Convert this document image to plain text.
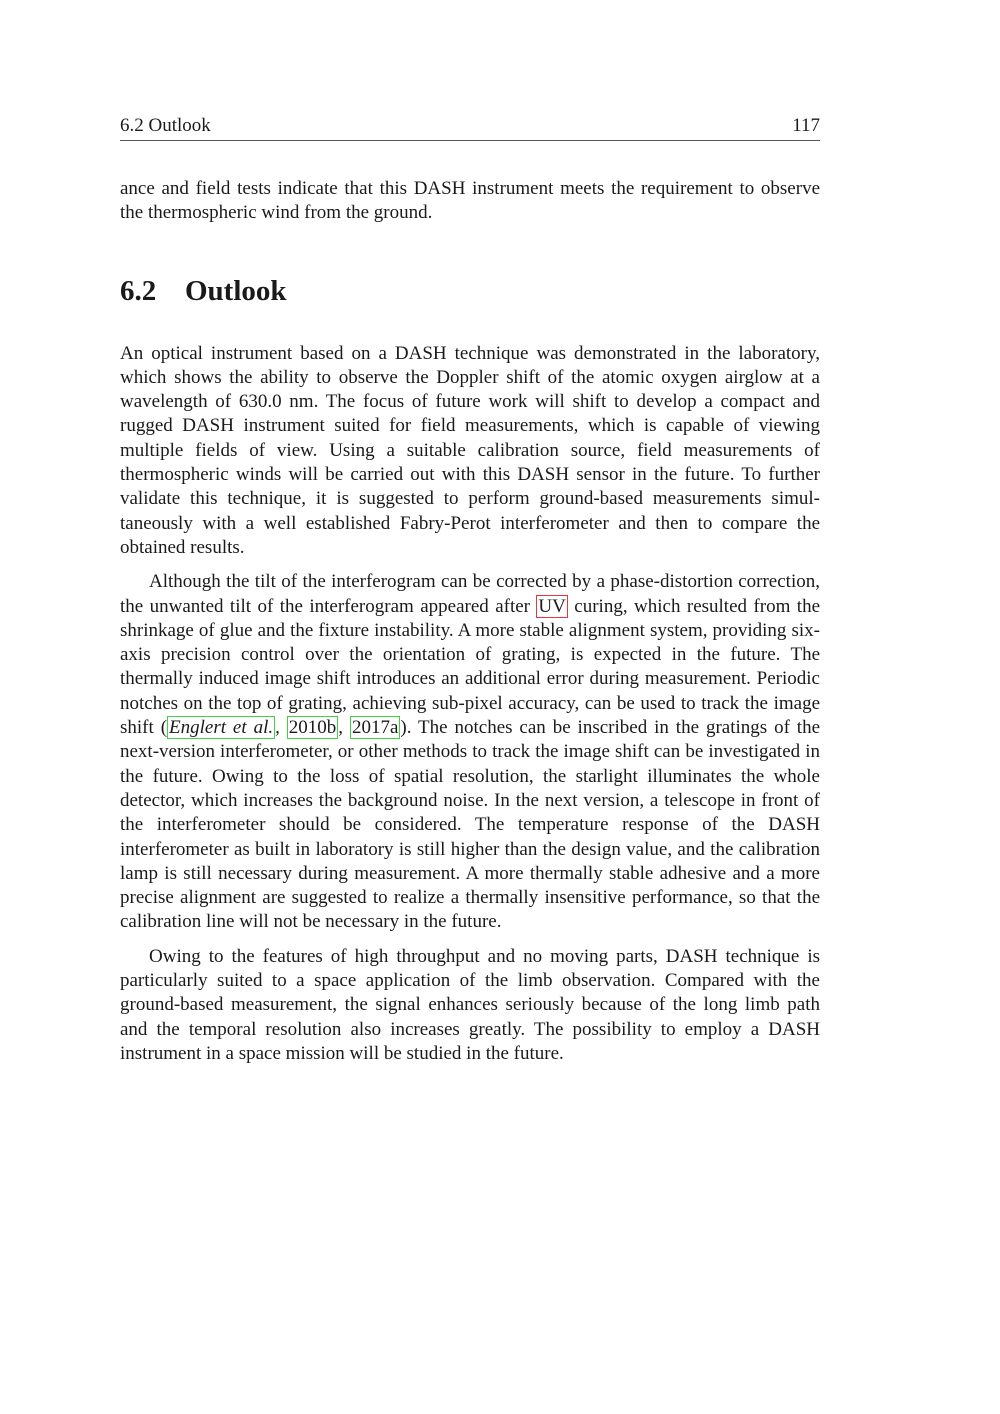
6.2 Outlook	117

ance and field tests indicate that this DASH instrument meets the requirement to observe the thermospheric wind from the ground.

6.2 Outlook

An optical instrument based on a DASH technique was demonstrated in the laboratory, which shows the ability to observe the Doppler shift of the atomic oxygen airglow at a wavelength of 630.0 nm. The focus of future work will shift to develop a compact and rugged DASH instrument suited for field measurements, which is capable of viewing multiple fields of view. Using a suitable calibration source, field measurements of thermospheric winds will be carried out with this DASH sensor in the future. To further validate this technique, it is suggested to perform ground-based measurements simultaneously with a well established Fabry-Perot interferometer and then to compare the obtained results.

Although the tilt of the interferogram can be corrected by a phase-distortion correction, the unwanted tilt of the interferogram appeared after UV curing, which resulted from the shrinkage of glue and the fixture instability. A more stable alignment system, providing six-axis precision control over the orientation of grating, is expected in the future. The thermally induced image shift introduces an additional error during measurement. Periodic notches on the top of grating, achieving sub-pixel accuracy, can be used to track the image shift ( Englert et al. , 2010b , 2017a ). The notches can be inscribed in the gratings of the next-version interferometer, or other methods to track the image shift can be investigated in the future. Owing to the loss of spatial resolution, the starlight illuminates the whole detector, which increases the background noise. In the next version, a telescope in front of the interferometer should be considered. The temperature response of the DASH interferometer as built in laboratory is still higher than the design value, and the calibration lamp is still necessary during measurement. A more thermally stable adhesive and a more precise alignment are suggested to realize a thermally insensitive performance, so that the calibration line will not be necessary in the future.

Owing to the features of high throughput and no moving parts, DASH technique is particularly suited to a space application of the limb observation. Compared with the ground-based measurement, the signal enhances seriously because of the long limb path and the temporal resolution also increases greatly. The possibility to employ a DASH instrument in a space mission will be studied in the future.
